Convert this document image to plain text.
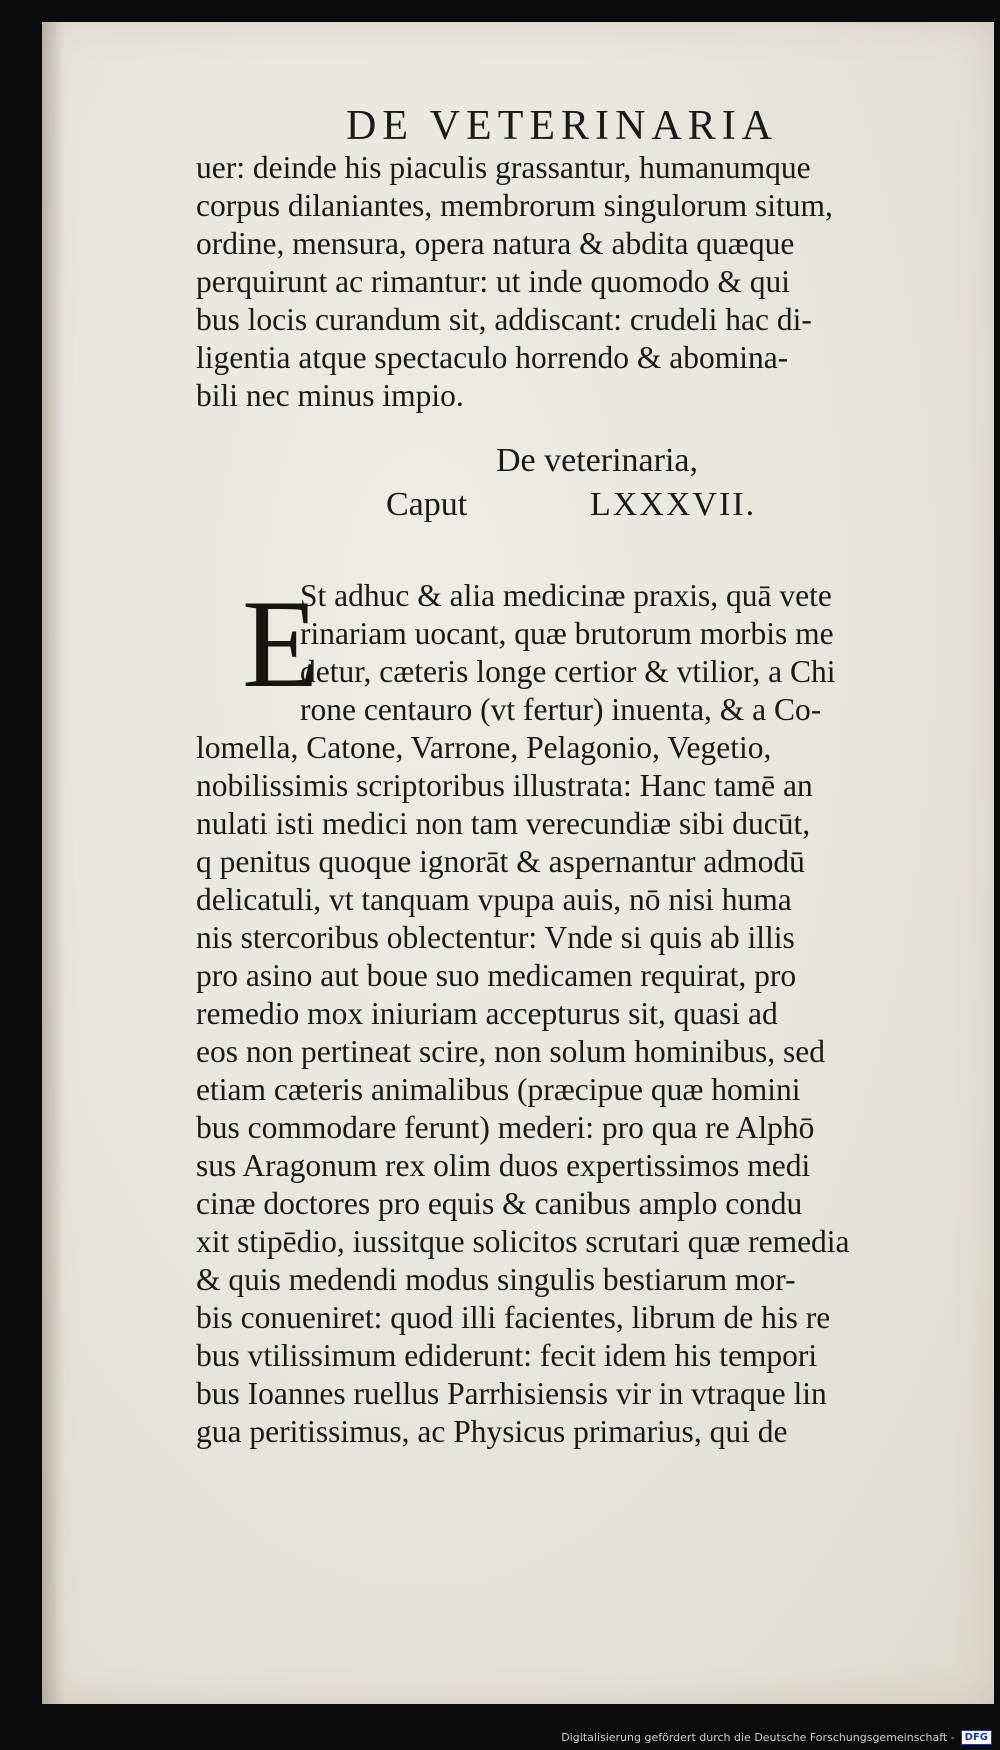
DE VETERINARIA

uer: deinde his piaculis grassantur, humanumque

corpus dilaniantes, membrorum singulorum situm,

ordine, mensura, opera natura & abdita quæque

perquirunt ac rimantur: ut inde quomodo & qui

bus locis curandum sit, addiscant: crudeli hac di-

ligentia atque spectaculo horrendo & abomina-

bili nec minus impio.

De veterinaria,

Caput	LXXXVII.

E

St adhuc & alia medicinæ praxis, quā vete

rinariam uocant, quæ brutorum morbis me

detur, cæteris longe certior & vtilior, a Chi

rone centauro (vt fertur) inuenta, & a Co-

lomella, Catone, Varrone, Pelagonio, Vegetio,

nobilissimis scriptoribus illustrata: Hanc tamē an

nulati isti medici non tam verecundiæ sibi ducūt,

q penitus quoque ignorāt & aspernantur admodū

delicatuli, vt tanquam vpupa auis, nō nisi huma

nis stercoribus oblectentur: Vnde si quis ab illis

pro asino aut boue suo medicamen requirat, pro

remedio mox iniuriam accepturus sit, quasi ad

eos non pertineat scire, non solum hominibus, sed

etiam cæteris animalibus (præcipue quæ homini

bus commodare ferunt) mederi: pro qua re Alphō

sus Aragonum rex olim duos expertissimos medi

cinæ doctores pro equis & canibus amplo condu

xit stipēdio, iussitque solicitos scrutari quæ remedia

& quis medendi modus singulis bestiarum mor-

bis conueniret: quod illi facientes, librum de his re

bus vtilissimum ediderunt: fecit idem his tempori

bus Ioannes ruellus Parrhisiensis vir in vtraque lin

gua peritissimus, ac Physicus primarius, qui de

Digitalisierung gefördert durch die Deutsche Forschungsgemeinschaft -	DFG
